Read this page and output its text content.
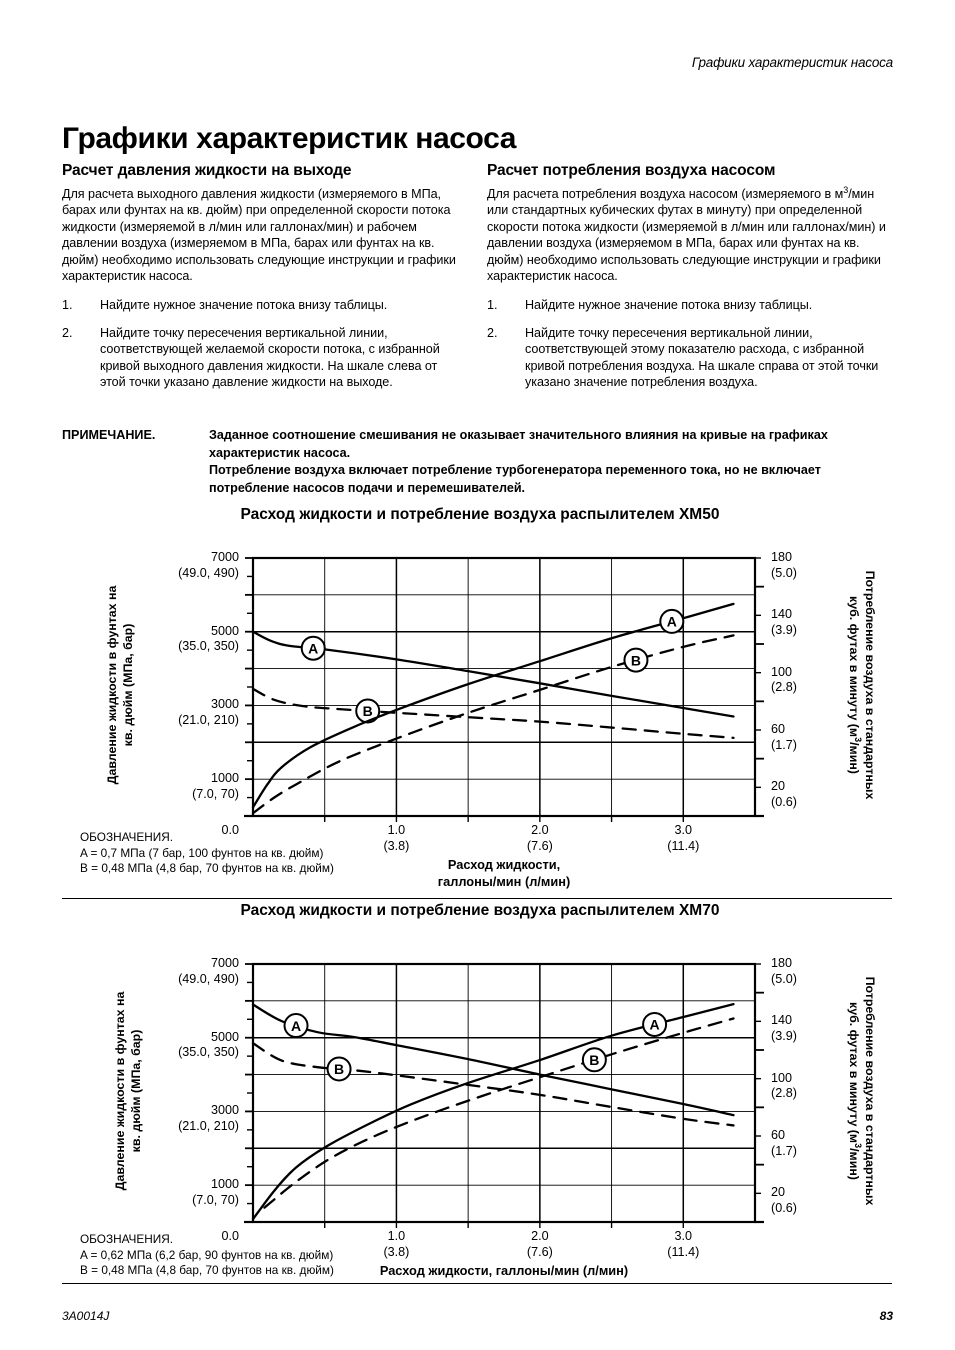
Графики характеристик насоса
Графики характеристик насоса
Расчет давления жидкости на выходе

Для расчета выходного давления жидкости (измеряемого в МПа, барах или фунтах на кв. дюйм) при определенной скорости потока жидкости (измеряемой в л/мин или галлонах/мин) и рабочем давлении воздуха (измеряемом в МПа, барах или фунтах на кв. дюйм) необходимо использовать следующие инструкции и графики характеристик насоса.

1. Найдите нужное значение потока внизу таблицы.
2. Найдите точку пересечения вертикальной линии, соответствующей желаемой скорости потока, с избранной кривой выходного давления жидкости. На шкале слева от этой точки указано давление жидкости на выходе.
Расчет потребления воздуха насосом

Для расчета потребления воздуха насосом (измеряемого в $м^3$/мин или стандартных кубических футах в минуту) при определенной скорости потока жидкости (измеряемой в л/мин или галлонах/мин) и давлении воздуха (измеряемом в МПа, барах или фунтах на кв. дюйм) необходимо использовать следующие инструкции и графики характеристик насоса.

1. Найдите нужное значение потока внизу таблицы.
2. Найдите точку пересечения вертикальной линии, соответствующей этому показателю расхода, с избранной кривой потребления воздуха. На шкале справа от этой точки указано значение потребления воздуха.
ПРИМЕЧАНИЕ.	Заданное соотношение смешивания не оказывает значительного влияния на кривые на графиках характеристик насоса.
Потребление воздуха включает потребление турбогенератора переменного тока, но не включает потребление насосов подачи и перемешивателей.
Расход жидкости и потребление воздуха распылителем XM50
A
B
A
B
7000
(49.0, 490)
5000
(35.0, 350)
3000
(21.0, 210)
1000
(7.0, 70)
0.0
180
(5.0)
140
(3.9)
100
(2.8)
60
(1.7)
20
(0.6)
1.0
(3.8)
2.0
(7.6)
3.0
(11.4)
Давление жидкости в фунтах на кв. дюйм (МПа, бар)	Потребление воздуха в стандартных
куб. футах в минуту $(м^3/мин)$
Расход жидкости,
галлоны/мин (л/мин)
ОБОЗНАЧЕНИЯ.
A = 0,7 МПа (7 бар, 100 фунтов на кв. дюйм)
B = 0,48 МПа (4,8 бар, 70 фунтов на кв. дюйм)
Расход жидкости и потребление воздуха распылителем XM70
A
B
A
B
7000
(49.0, 490)
5000
(35.0, 350)
3000
(21.0, 210)
1000
(7.0, 70)
0.0
180
(5.0)
140
(3.9)
100
(2.8)
60
(1.7)
20
(0.6)
1.0
(3.8)
2.0
(7.6)
3.0
(11.4)
Давление жидкости в фунтах на кв. дюйм (МПа, бар)	Потребление воздуха в стандартных
куб. футах в минуту $(м^3/мин)$
Расход жидкости, галлоны/мин (л/мин)
ОБОЗНАЧЕНИЯ.
A = 0,62 МПа (6,2 бар, 90 фунтов на кв. дюйм)
B = 0,48 МПа (4,8 бар, 70 фунтов на кв. дюйм)
3A0014J	83
